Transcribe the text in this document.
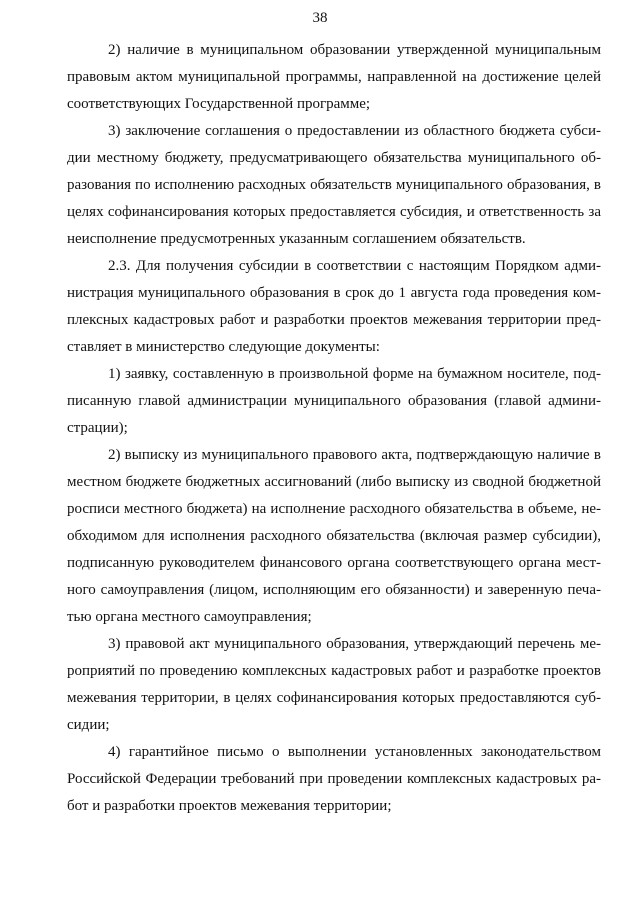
38
2) наличие в муниципальном образовании утвержденной муниципальным
правовым актом муниципальной программы, направленной на достижение целей
соответствующих Государственной программе;
3) заключение соглашения о предоставлении из областного бюджета субси-
дии местному бюджету, предусматривающего обязательства муниципального об-
разования по исполнению расходных обязательств муниципального образования, в
целях софинансирования которых предоставляется субсидия, и ответственность за
неисполнение предусмотренных указанным соглашением обязательств.
2.3. Для получения субсидии в соответствии с настоящим Порядком адми-
нистрация муниципального образования в срок до 1 августа года проведения ком-
плексных кадастровых работ и разработки проектов межевания территории пред-
ставляет в министерство следующие документы:
1) заявку, составленную в произвольной форме на бумажном носителе, под-
писанную главой администрации муниципального образования (главой админи-
страции);
2) выписку из муниципального правового акта, подтверждающую наличие в
местном бюджете бюджетных ассигнований (либо выписку из сводной бюджетной
росписи местного бюджета) на исполнение расходного обязательства в объеме, не-
обходимом для исполнения расходного обязательства (включая размер субсидии),
подписанную руководителем финансового органа соответствующего органа мест-
ного самоуправления (лицом, исполняющим его обязанности) и заверенную печа-
тью органа местного самоуправления;
3) правовой акт муниципального образования, утверждающий перечень ме-
роприятий по проведению комплексных кадастровых работ и разработке проектов
межевания территории, в целях софинансирования которых предоставляются суб-
сидии;
4) гарантийное письмо о выполнении установленных законодательством
Российской Федерации требований при проведении комплексных кадастровых ра-
бот и разработки проектов межевания территории;
